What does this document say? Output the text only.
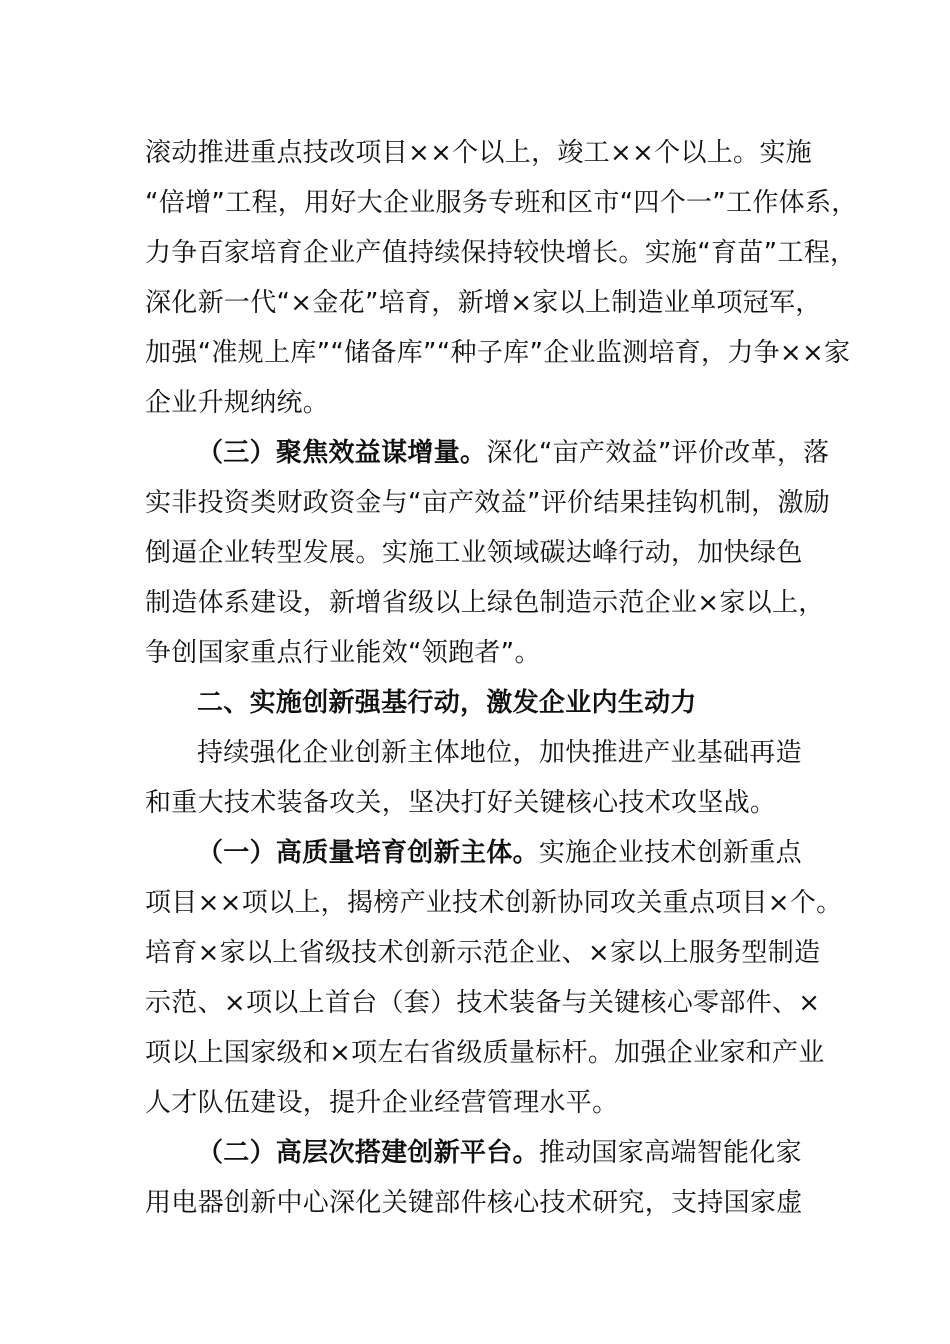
滚动推进重点技改项目××个以上，竣工××个以上。实施
“倍增”工程，用好大企业服务专班和区市“四个一”工作体系，
力争百家培育企业产值持续保持较快增长。实施“育苗”工程，
深化新一代“×金花”培育，新增×家以上制造业单项冠军，
加强“准规上库”“储备库”“种子库”企业监测培育，力争××家
企业升规纳统。
（三）聚焦效益谋增量。深化“亩产效益”评价改革，落
实非投资类财政资金与“亩产效益”评价结果挂钩机制，激励
倒逼企业转型发展。实施工业领域碳达峰行动，加快绿色
制造体系建设，新增省级以上绿色制造示范企业×家以上，
争创国家重点行业能效“领跑者”。
二、实施创新强基行动，激发企业内生动力
持续强化企业创新主体地位，加快推进产业基础再造
和重大技术装备攻关，坚决打好关键核心技术攻坚战。
（一）高质量培育创新主体。实施企业技术创新重点
项目××项以上，揭榜产业技术创新协同攻关重点项目×个。
培育×家以上省级技术创新示范企业、×家以上服务型制造
示范、×项以上首台（套）技术装备与关键核心零部件、×
项以上国家级和×项左右省级质量标杆。加强企业家和产业
人才队伍建设，提升企业经营管理水平。
（二）高层次搭建创新平台。推动国家高端智能化家
用电器创新中心深化关键部件核心技术研究，支持国家虚
